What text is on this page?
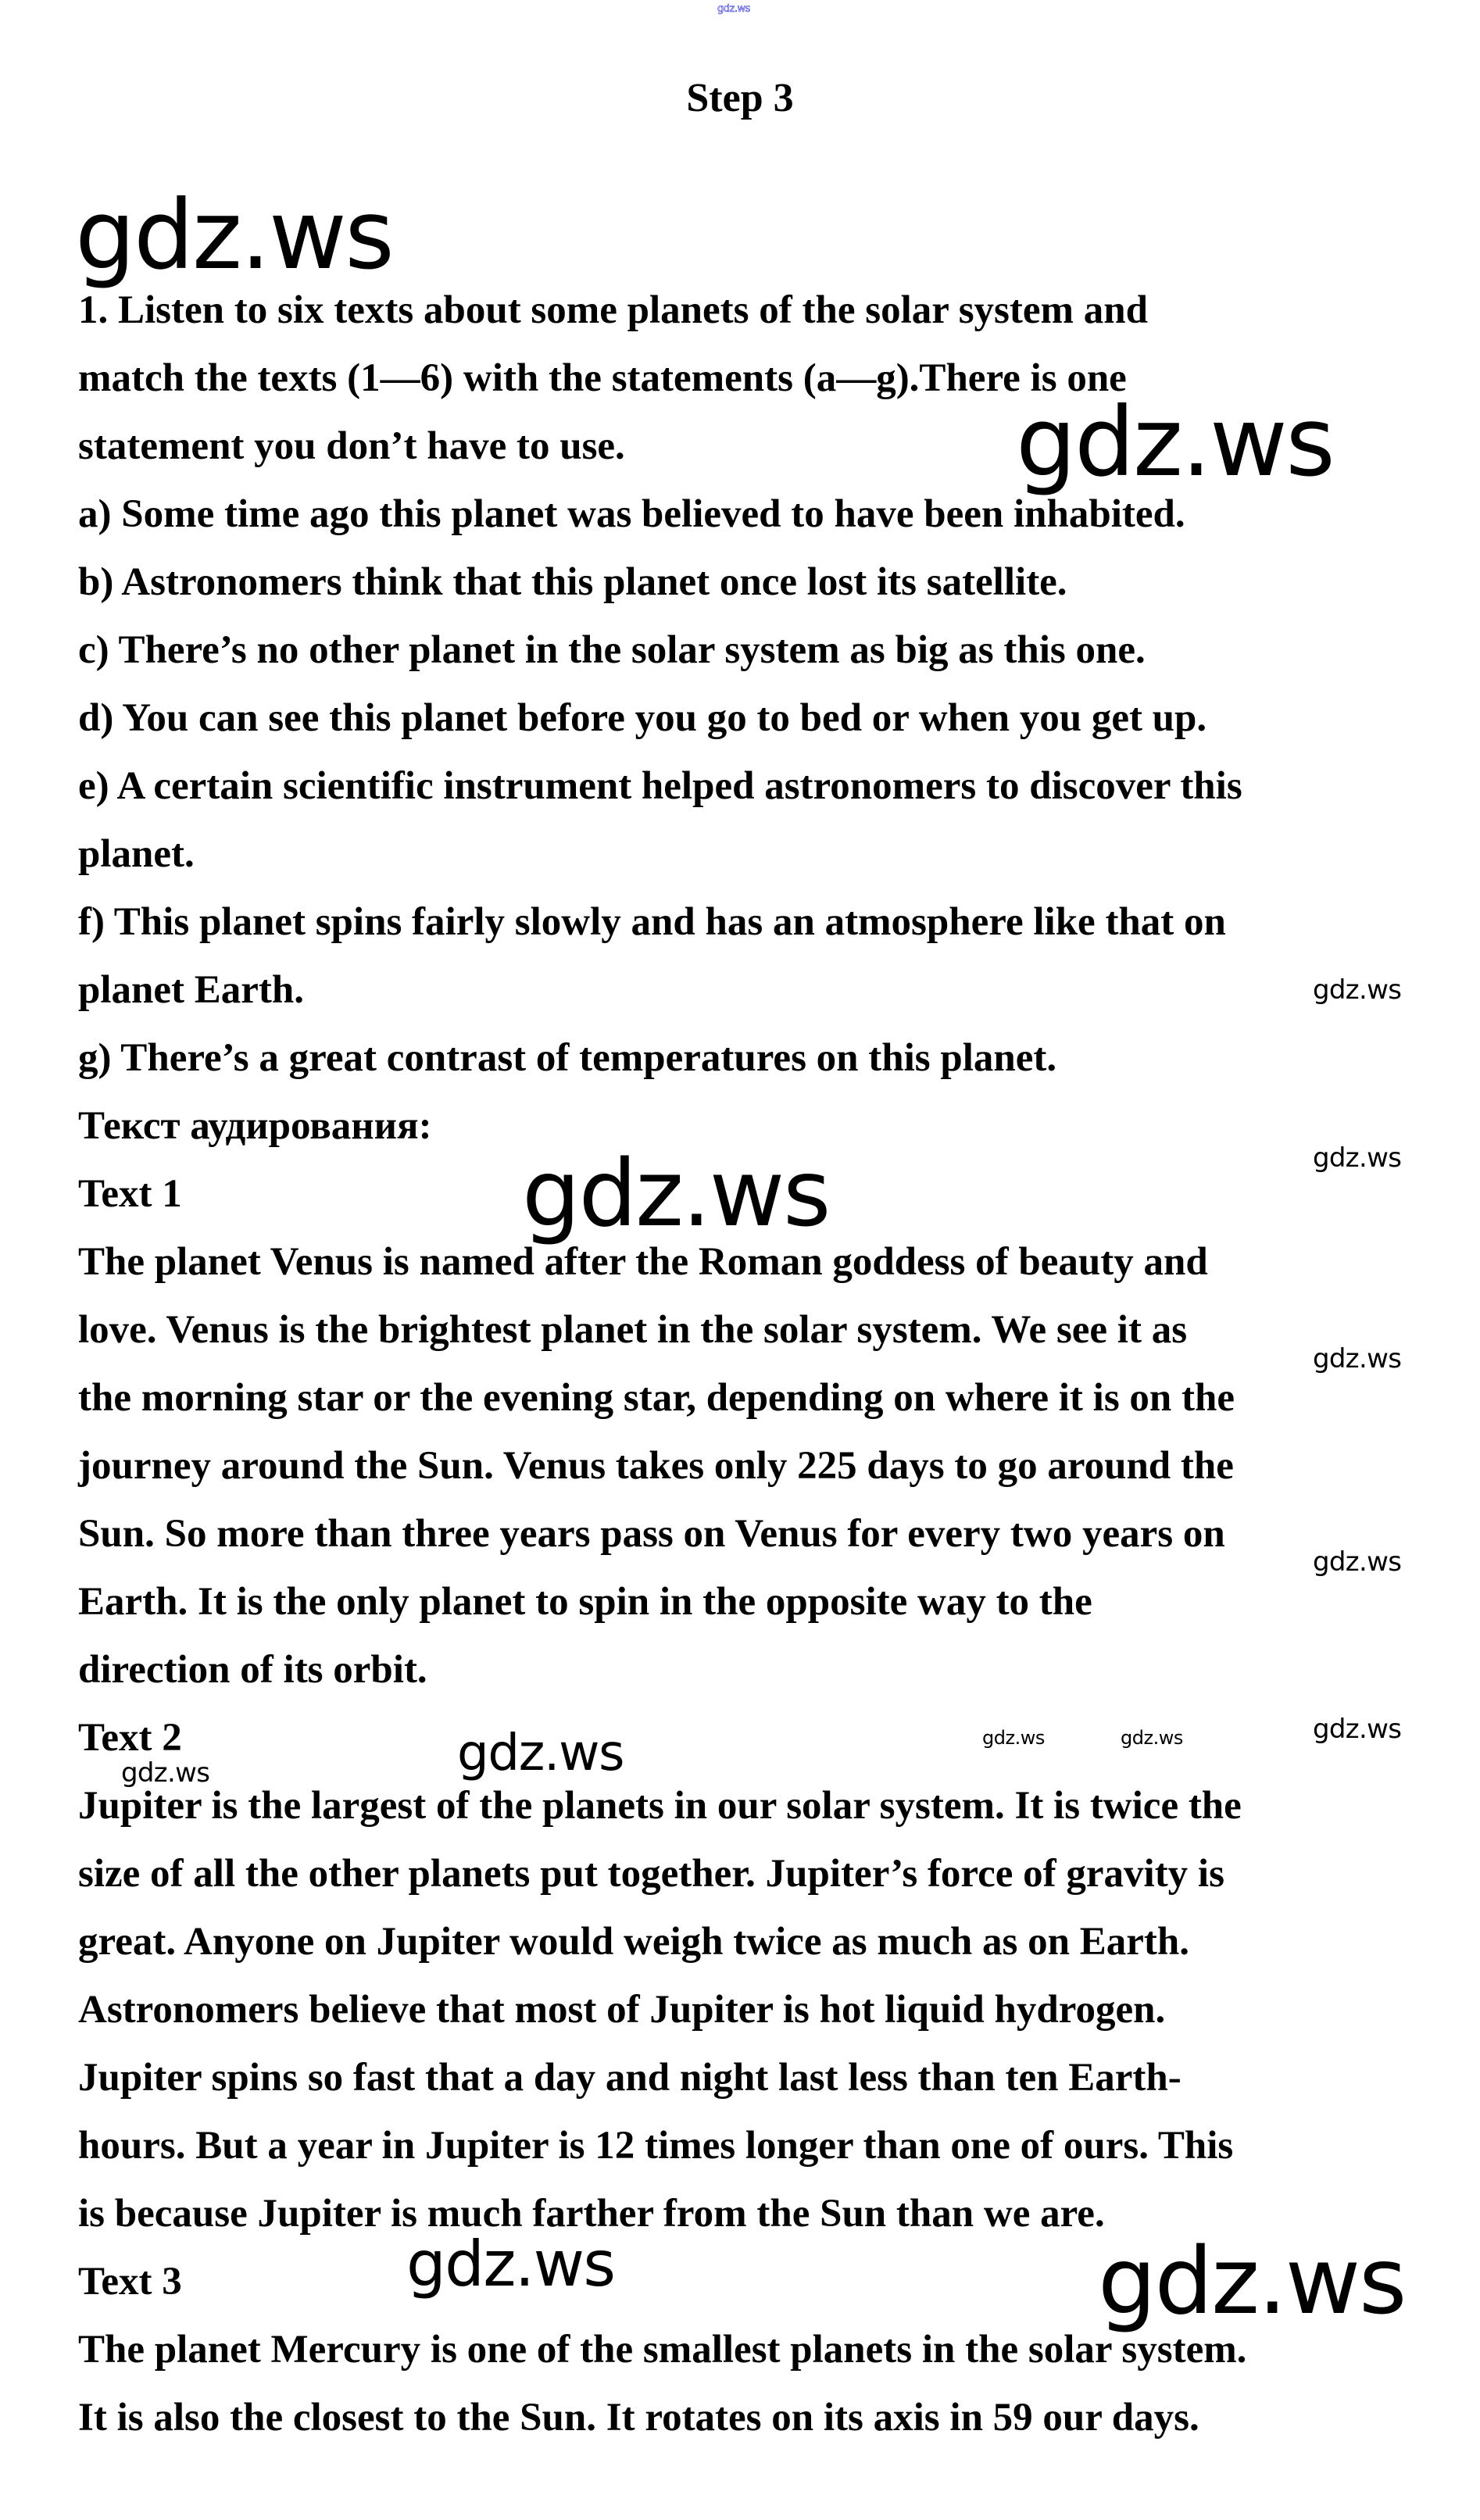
gdz.ws
Step 3
1. Listen to six texts about some planets of the solar system and
match the texts (1—6) with the statements (a—g).There is one
statement you don’t have to use.
a) Some time ago this planet was believed to have been inhabited.
b) Astronomers think that this planet once lost its satellite.
c) There’s no other planet in the solar system as big as this one.
d) You can see this planet before you go to bed or when you get up.
e) A certain scientific instrument helped astronomers to discover this
planet.
f) This planet spins fairly slowly and has an atmosphere like that on
planet Earth.
g) There’s a great contrast of temperatures on this planet.
Текст аудирования:
Text 1
The planet Venus is named after the Roman goddess of beauty and
love. Venus is the brightest planet in the solar system. We see it as
the morning star or the evening star, depending on where it is on the
journey around the Sun. Venus takes only 225 days to go around the
Sun. So more than three years pass on Venus for every two years on
Earth. It is the only planet to spin in the opposite way to the
direction of its orbit.
Text 2
Jupiter is the largest of the planets in our solar system. It is twice the
size of all the other planets put together. Jupiter’s force of gravity is
great. Anyone on Jupiter would weigh twice as much as on Earth.
Astronomers believe that most of Jupiter is hot liquid hydrogen.
Jupiter spins so fast that a day and night last less than ten Earth-
hours. But a year in Jupiter is 12 times longer than one of ours. This
is because Jupiter is much farther from the Sun than we are.
Text 3
The planet Mercury is one of the smallest planets in the solar system.
It is also the closest to the Sun. It rotates on its axis in 59 our days.
gdz.ws
gdz.ws
gdz.ws
gdz.ws
gdz.ws
gdz.ws
gdz.ws
gdz.ws
gdz.ws	gdz.ws
gdz.ws
gdz.ws
gdz.ws	gdz.ws
